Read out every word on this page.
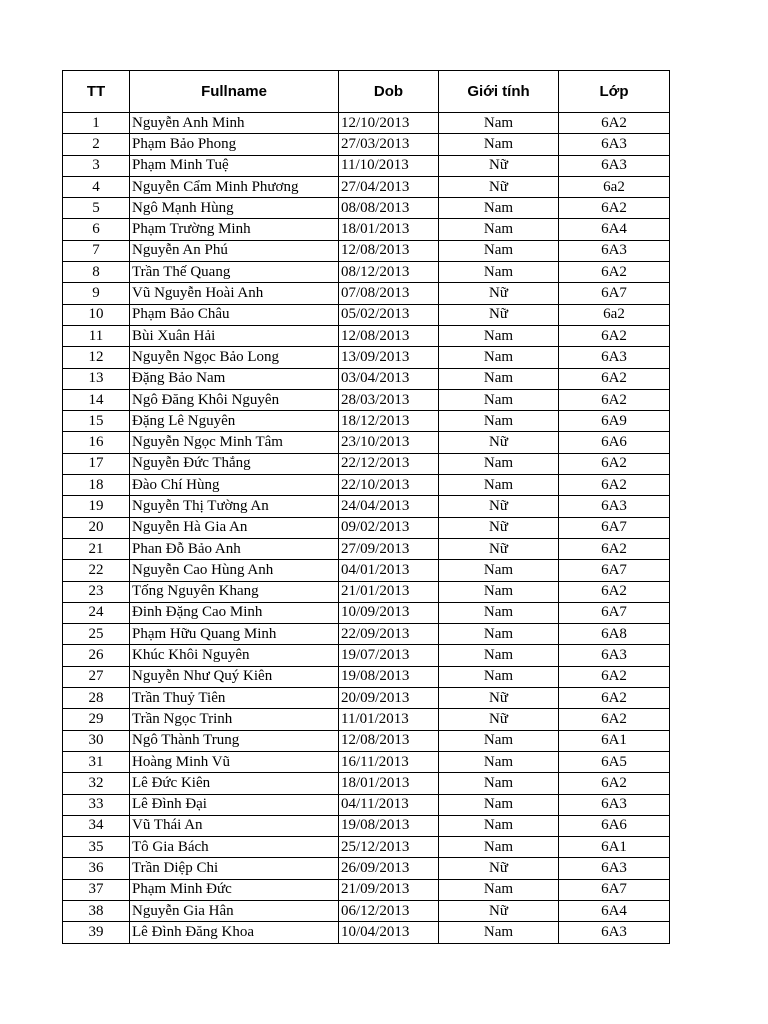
TT	Fullname	Dob	Giới tính	Lớp
1	Nguyễn Anh Minh	12/10/2013	Nam	6A2
2	Phạm Bảo Phong	27/03/2013	Nam	6A3
3	Phạm Minh Tuệ	11/10/2013	Nữ	6A3
4	Nguyễn Cẩm Minh Phương	27/04/2013	Nữ	6a2
5	Ngô Mạnh Hùng	08/08/2013	Nam	6A2
6	Phạm Trường Minh	18/01/2013	Nam	6A4
7	Nguyễn An Phú	12/08/2013	Nam	6A3
8	Trần Thế Quang	08/12/2013	Nam	6A2
9	Vũ Nguyễn Hoài Anh	07/08/2013	Nữ	6A7
10	Phạm Bảo Châu	05/02/2013	Nữ	6a2
11	Bùi Xuân Hải	12/08/2013	Nam	6A2
12	Nguyễn Ngọc Bảo Long	13/09/2013	Nam	6A3
13	Đặng Bảo Nam	03/04/2013	Nam	6A2
14	Ngô Đăng Khôi Nguyên	28/03/2013	Nam	6A2
15	Đặng Lê Nguyên	18/12/2013	Nam	6A9
16	Nguyễn Ngọc Minh Tâm	23/10/2013	Nữ	6A6
17	Nguyễn Đức Thắng	22/12/2013	Nam	6A2
18	Đào Chí Hùng	22/10/2013	Nam	6A2
19	Nguyễn Thị Tường An	24/04/2013	Nữ	6A3
20	Nguyễn Hà Gia An	09/02/2013	Nữ	6A7
21	Phan Đỗ Bảo Anh	27/09/2013	Nữ	6A2
22	Nguyễn Cao Hùng Anh	04/01/2013	Nam	6A7
23	Tống Nguyên Khang	21/01/2013	Nam	6A2
24	Đinh Đặng Cao Minh	10/09/2013	Nam	6A7
25	Phạm Hữu Quang Minh	22/09/2013	Nam	6A8
26	Khúc Khôi Nguyên	19/07/2013	Nam	6A3
27	Nguyễn Như Quý Kiên	19/08/2013	Nam	6A2
28	Trần Thuỷ Tiên	20/09/2013	Nữ	6A2
29	Trần Ngọc Trinh	11/01/2013	Nữ	6A2
30	Ngô Thành Trung	12/08/2013	Nam	6A1
31	Hoàng Minh Vũ	16/11/2013	Nam	6A5
32	Lê Đức Kiên	18/01/2013	Nam	6A2
33	Lê Đình Đại	04/11/2013	Nam	6A3
34	Vũ Thái An	19/08/2013	Nam	6A6
35	Tô Gia Bách	25/12/2013	Nam	6A1
36	Trần Diệp Chi	26/09/2013	Nữ	6A3
37	Phạm Minh Đức	21/09/2013	Nam	6A7
38	Nguyễn Gia Hân	06/12/2013	Nữ	6A4
39	Lê Đình Đăng Khoa	10/04/2013	Nam	6A3
